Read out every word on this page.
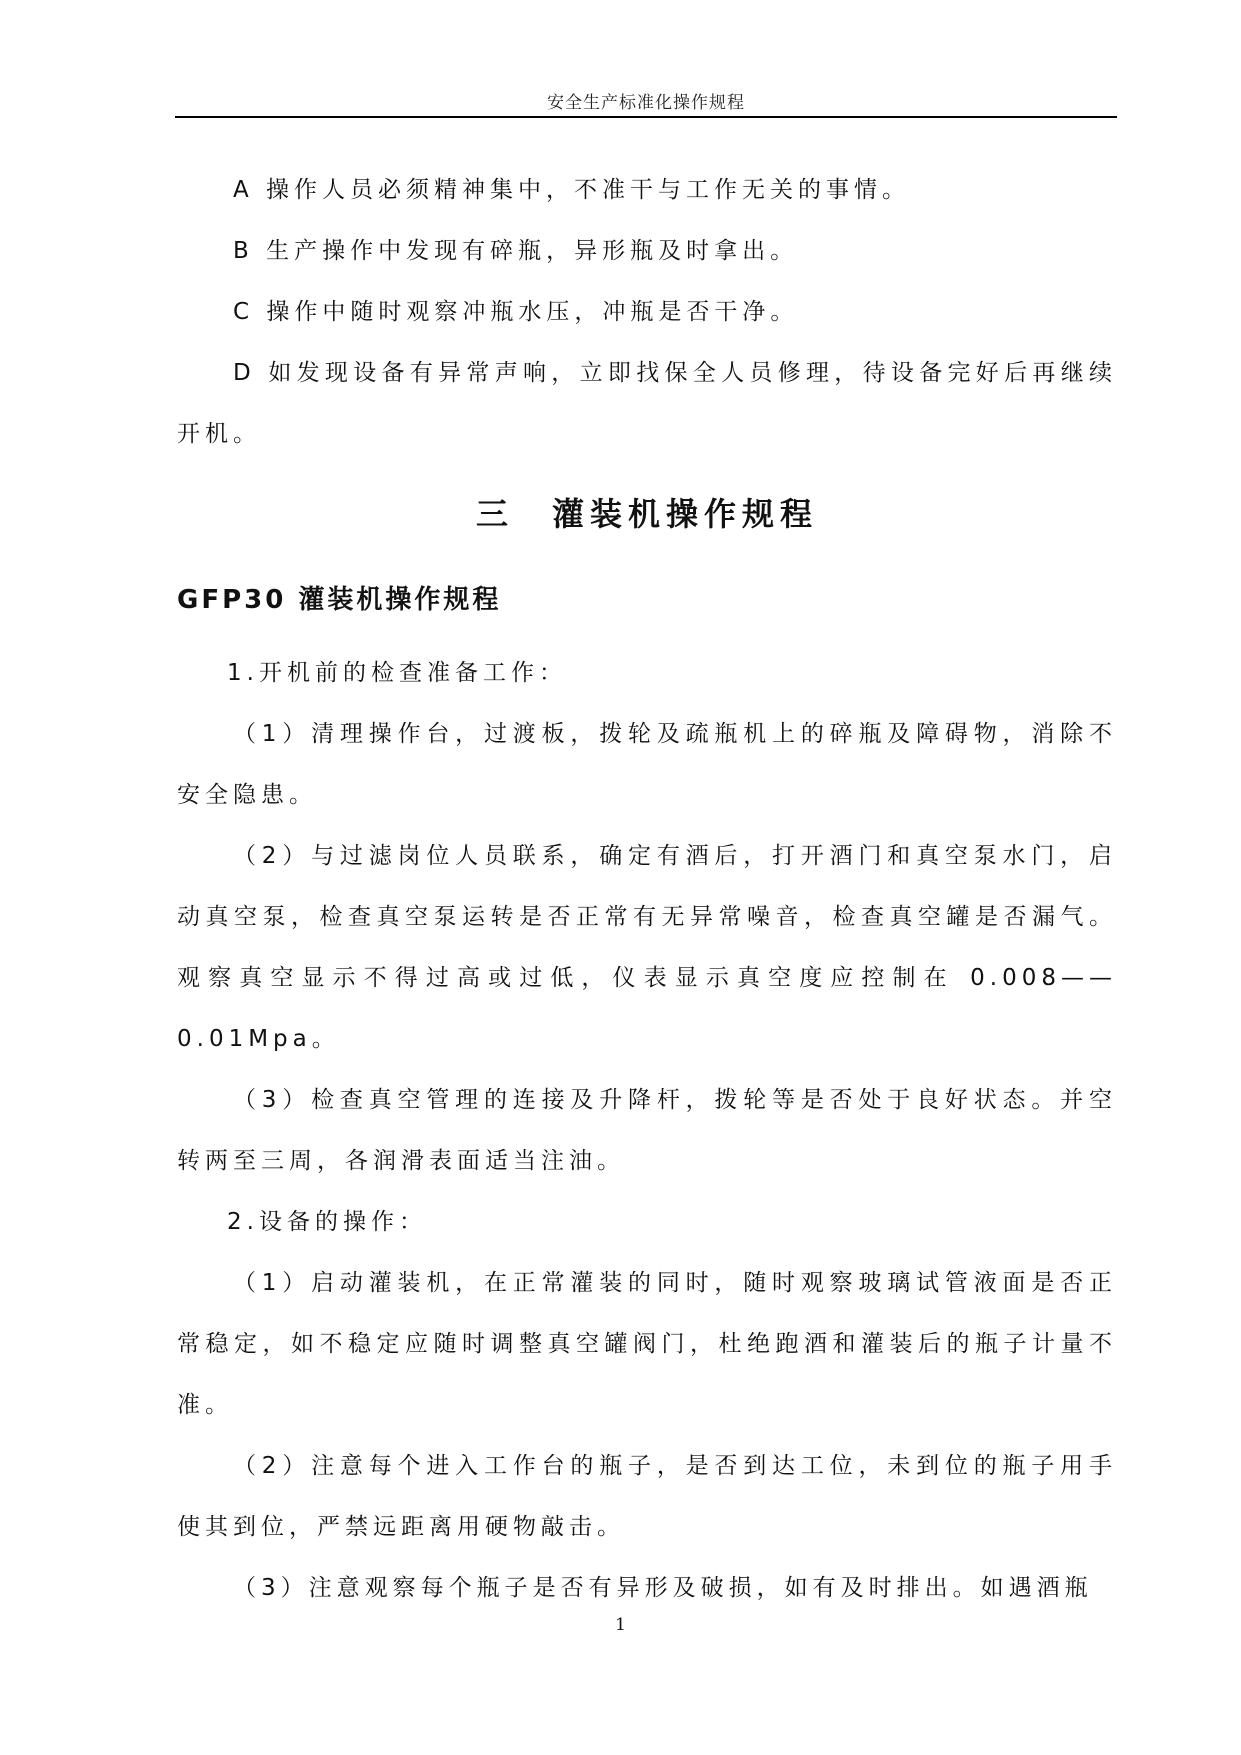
安全生产标准化操作规程

A 操作人员必须精神集中，不准干与工作无关的事情。

B 生产操作中发现有碎瓶，异形瓶及时拿出。

C 操作中随时观察冲瓶水压，冲瓶是否干净。

D 如发现设备有异常声响，立即找保全人员修理，待设备完好后再继续开机。

三　灌装机操作规程
GFP30 灌装机操作规程

1.开机前的检查准备工作：

（1）清理操作台，过渡板，拨轮及疏瓶机上的碎瓶及障碍物，消除不安全隐患。

（2）与过滤岗位人员联系，确定有酒后，打开酒门和真空泵水门，启动真空泵，检查真空泵运转是否正常有无异常噪音，检查真空罐是否漏气。观察真空显示不得过高或过低，仪表显示真空度应控制在 0.008——0.01Mpa。

（3）检查真空管理的连接及升降杆，拨轮等是否处于良好状态。并空转两至三周，各润滑表面适当注油。

2.设备的操作：

（1）启动灌装机，在正常灌装的同时，随时观察玻璃试管液面是否正常稳定，如不稳定应随时调整真空罐阀门，杜绝跑酒和灌装后的瓶子计量不准。

（2）注意每个进入工作台的瓶子，是否到达工位，未到位的瓶子用手使其到位，严禁远距离用硬物敲击。

（3）注意观察每个瓶子是否有异形及破损，如有及时排出。如遇酒瓶

1
